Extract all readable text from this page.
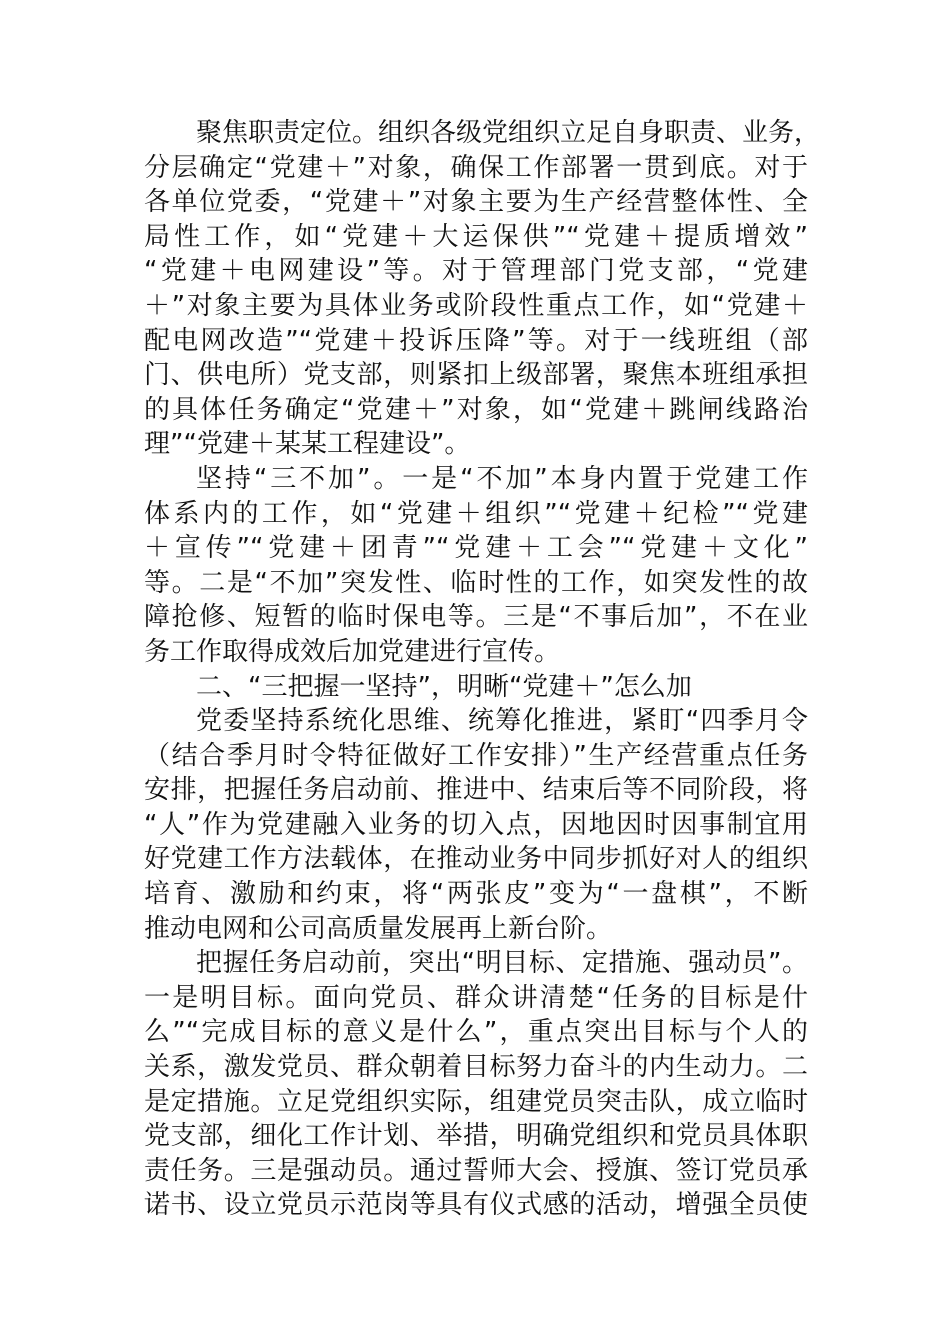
聚焦职责定位。组织各级党组织立足自身职责、业务，
分层确定“党建＋”对象，确保工作部署一贯到底。对于
各单位党委，“党建＋”对象主要为生产经营整体性、全
局性工作，如“党建＋大运保供”“党建＋提质增效”
“党建＋电网建设”等。对于管理部门党支部，“党建
＋”对象主要为具体业务或阶段性重点工作，如“党建＋
配电网改造”“党建＋投诉压降”等。对于一线班组（部
门、供电所）党支部，则紧扣上级部署，聚焦本班组承担
的具体任务确定“党建＋”对象，如“党建＋跳闸线路治
理”“党建＋某某工程建设”。
坚持“三不加”。一是“不加”本身内置于党建工作
体系内的工作，如“党建＋组织”“党建＋纪检”“党建
＋宣传”“党建＋团青”“党建＋工会”“党建＋文化”
等。二是“不加”突发性、临时性的工作，如突发性的故
障抢修、短暂的临时保电等。三是“不事后加”，不在业
务工作取得成效后加党建进行宣传。
二、“三把握一坚持”，明晰“党建＋”怎么加
党委坚持系统化思维、统筹化推进，紧盯“四季月令
（结合季月时令特征做好工作安排）”生产经营重点任务
安排，把握任务启动前、推进中、结束后等不同阶段，将
“人”作为党建融入业务的切入点，因地因时因事制宜用
好党建工作方法载体，在推动业务中同步抓好对人的组织
培育、激励和约束，将“两张皮”变为“一盘棋”，不断
推动电网和公司高质量发展再上新台阶。
把握任务启动前，突出“明目标、定措施、强动员”。
一是明目标。面向党员、群众讲清楚“任务的目标是什
么”“完成目标的意义是什么”，重点突出目标与个人的
关系，激发党员、群众朝着目标努力奋斗的内生动力。二
是定措施。立足党组织实际，组建党员突击队，成立临时
党支部，细化工作计划、举措，明确党组织和党员具体职
责任务。三是强动员。通过誓师大会、授旗、签订党员承
诺书、设立党员示范岗等具有仪式感的活动，增强全员使
